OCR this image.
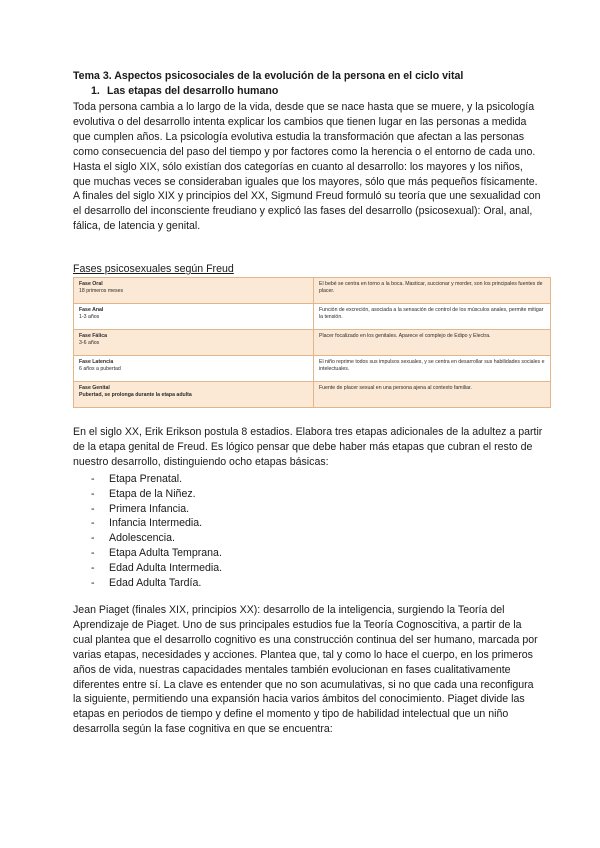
Tema 3. Aspectos psicosociales de la evolución de la persona en el ciclo vital
1. Las etapas del desarrollo humano

Toda persona cambia a lo largo de la vida, desde que se nace hasta que se muere, y la psicología evolutiva o del desarrollo intenta explicar los cambios que tienen lugar en las personas a medida que cumplen años. La psicología evolutiva estudia la transformación que afectan a las personas como consecuencia del paso del tiempo y por factores como la herencia o el entorno de cada uno. Hasta el siglo XIX, sólo existían dos categorías en cuanto al desarrollo: los mayores y los niños, que muchas veces se consideraban iguales que los mayores, sólo que más pequeños físicamente. A finales del siglo XIX y principios del XX, Sigmund Freud formuló su teoría que une sexualidad con el desarrollo del inconsciente freudiano y explicó las fases del desarrollo (psicosexual): Oral, anal, fálica, de latencia y genital.

Fases psicosexuales según Freud
Fase Oral
18 primeros meses	El bebé se centra en torno a la boca. Masticar, succionar y morder, son los principales fuentes de placer.

Fase Anal
1-3 años	Función de excreción, asociada a la sensación de control de los músculos anales, permite mitigar la tensión.

Fase Fálica
3-6 años	Placer focalizado en los genitales. Aparece el complejo de Edipo y Electra.

Fase Latencia
6 años a pubertad	El niño reprime todos sus impulsos sexuales, y se centra en desarrollar sus habilidades sociales e intelectuales.

Fase Genital
Pubertad, se prolonga durante la etapa adulta	Fuente de placer sexual en una persona ajena al contexto familiar.

En el siglo XX, Erik Erikson postula 8 estadios. Elabora tres etapas adicionales de la adultez a partir de la etapa genital de Freud. Es lógico pensar que debe haber más etapas que cubran el resto de nuestro desarrollo, distinguiendo ocho etapas básicas:

-	Etapa Prenatal.
-	Etapa de la Niñez.
-	Primera Infancia.
-	Infancia Intermedia.
-	Adolescencia.
-	Etapa Adulta Temprana.
-	Edad Adulta Intermedia.
-	Edad Adulta Tardía.

Jean Piaget (finales XIX, principios XX): desarrollo de la inteligencia, surgiendo la Teoría del Aprendizaje de Piaget. Uno de sus principales estudios fue la Teoría Cognoscitiva, a partir de la cual plantea que el desarrollo cognitivo es una construcción continua del ser humano, marcada por varias etapas, necesidades y acciones. Plantea que, tal y como lo hace el cuerpo, en los primeros años de vida, nuestras capacidades mentales también evolucionan en fases cualitativamente diferentes entre sí. La clave es entender que no son acumulativas, si no que cada una reconfigura la siguiente, permitiendo una expansión hacia varios ámbitos del conocimiento. Piaget divide las etapas en periodos de tiempo y define el momento y tipo de habilidad intelectual que un niño desarrolla según la fase cognitiva en que se encuentra:
